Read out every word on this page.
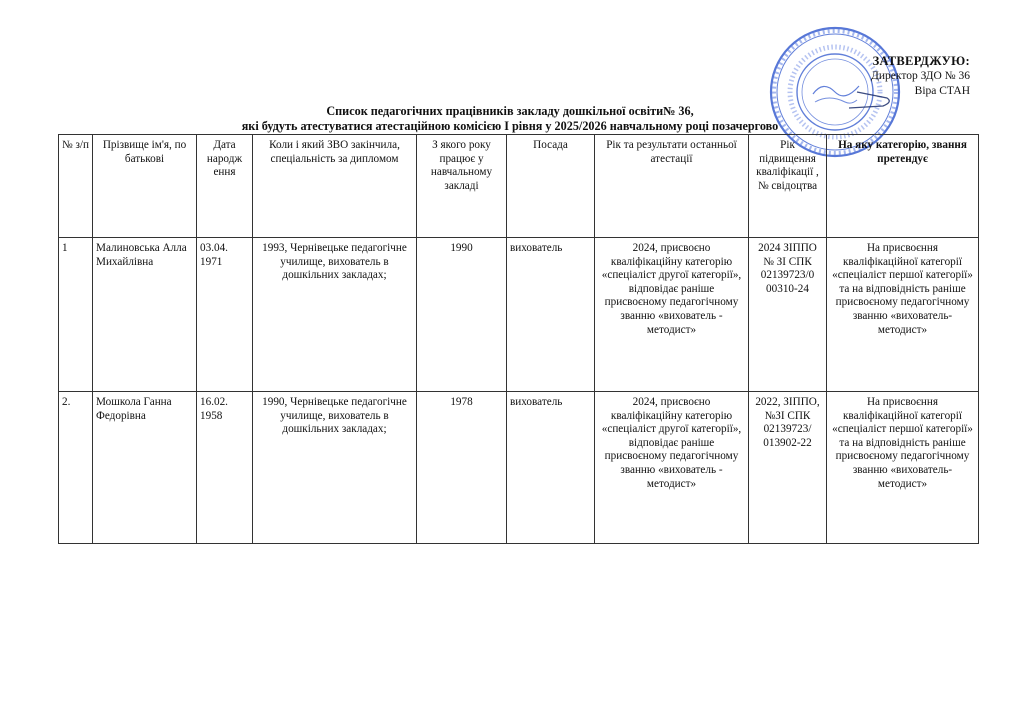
ЗАТВЕРДЖУЮ:
Директор ЗДО № 36
Віра СТАН
Список педагогічних працівників закладу дошкільної освіти№ 36,
які будуть атестуватися атестаційною комісією І рівня у 2025/2026 навчальному році позачергово
№ з/п	Прізвище ім'я, по батькові	Дата народж ення	Коли і який ЗВО закінчила, спеціальність за дипломом	З якого року працює у навчальному закладі	Посада	Рік та результати останньої атестації	Рік підвищення кваліфікації , № свідоцтва	На яку категорію, звання претендує
1	Малиновська Алла Михайлівна	03.04. 1971	1993, Чернівецьке педагогічне училище, вихователь в дошкільних закладах;	1990	вихователь	2024, присвоєно кваліфікаційну категорію «спеціаліст другої категорії», відповідає раніше присвоєному педагогічному званню «вихователь - методист»	2024 ЗІППО № ЗІ СПК 02139723/0 00310-24	На присвоєння кваліфікаційної категорії «спеціаліст першої категорії» та на відповідність раніше присвоєному педагогічному званню «вихователь-методист»
2.	Мошкола Ганна Федорівна	16.02. 1958	1990, Чернівецьке педагогічне училище, вихователь в дошкільних закладах;	1978	вихователь	2024, присвоєно кваліфікаційну категорію «спеціаліст другої категорії», відповідає раніше присвоєному педагогічному званню «вихователь - методист»	2022, ЗІППО, №ЗІ СПК 02139723/ 013902-22	На присвоєння кваліфікаційної категорії «спеціаліст першої категорії» та на відповідність раніше присвоєному педагогічному званню «вихователь-методист»
